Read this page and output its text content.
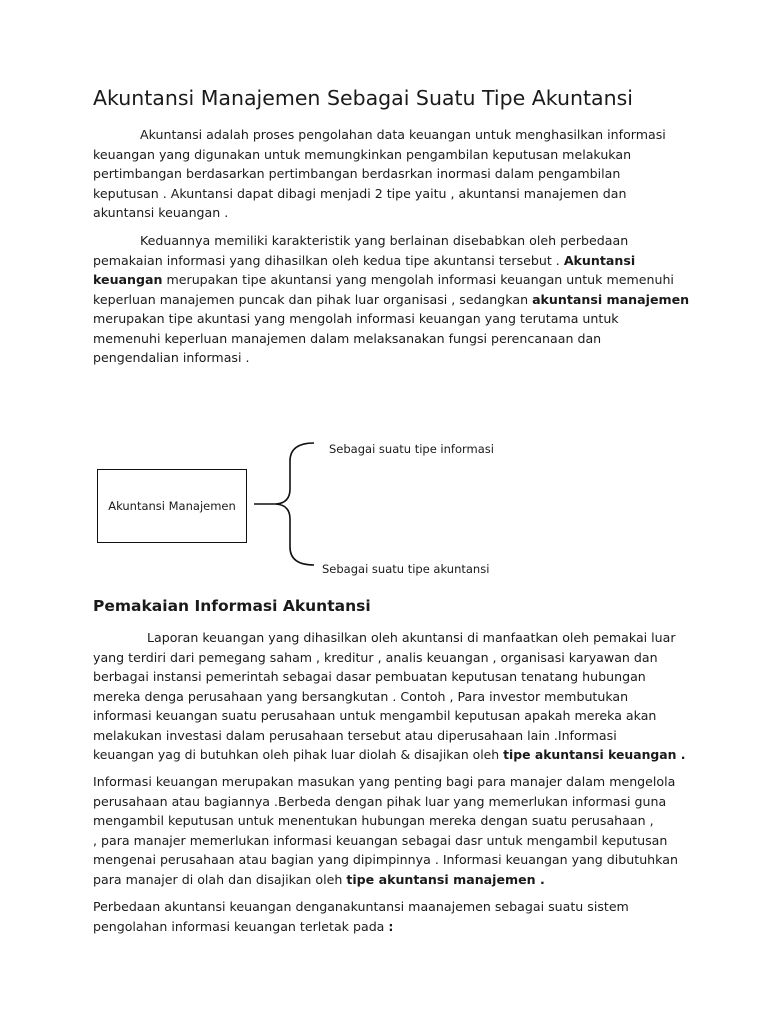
Akuntansi Manajemen Sebagai Suatu Tipe Akuntansi
Akuntansi adalah proses pengolahan data keuangan untuk menghasilkan informasi
keuangan yang digunakan untuk memungkinkan pengambilan keputusan melakukan
pertimbangan berdasarkan pertimbangan berdasrkan inormasi dalam pengambilan
keputusan . Akuntansi dapat dibagi menjadi 2 tipe yaitu , akuntansi manajemen dan
akuntansi keuangan .
Keduannya memiliki karakteristik yang berlainan disebabkan oleh perbedaan
pemakaian informasi yang dihasilkan oleh kedua tipe akuntansi tersebut . Akuntansi
keuangan merupakan tipe akuntansi yang mengolah informasi keuangan untuk memenuhi
keperluan manajemen puncak dan pihak luar organisasi , sedangkan akuntansi manajemen
merupakan tipe akuntasi yang mengolah informasi keuangan yang terutama untuk
memenuhi keperluan manajemen dalam melaksanakan fungsi perencanaan dan
pengendalian informasi .
Akuntansi Manajemen
Sebagai suatu tipe informasi
Sebagai suatu tipe akuntansi
Pemakaian Informasi Akuntansi
Laporan keuangan yang dihasilkan oleh akuntansi di manfaatkan oleh pemakai luar
yang terdiri dari pemegang saham , kreditur , analis keuangan , organisasi karyawan dan
berbagai instansi pemerintah sebagai dasar pembuatan keputusan tenatang hubungan
mereka denga perusahaan yang bersangkutan . Contoh , Para investor membutukan
informasi keuangan suatu perusahaan untuk mengambil keputusan apakah mereka akan
melakukan investasi dalam perusahaan tersebut atau diperusahaan lain .Informasi
keuangan yag di butuhkan oleh pihak luar diolah & disajikan oleh tipe akuntansi keuangan .
Informasi keuangan merupakan masukan yang penting bagi para manajer dalam mengelola
perusahaan atau bagiannya .Berbeda dengan pihak luar yang memerlukan informasi guna
mengambil keputusan untuk menentukan hubungan mereka dengan suatu perusahaan ,
, para manajer memerlukan informasi keuangan sebagai dasr untuk mengambil keputusan
mengenai perusahaan atau bagian yang dipimpinnya . Informasi keuangan yang dibutuhkan
para manajer di olah dan disajikan oleh tipe akuntansi manajemen .
Perbedaan akuntansi keuangan denganakuntansi maanajemen sebagai suatu sistem
pengolahan informasi keuangan terletak pada :
